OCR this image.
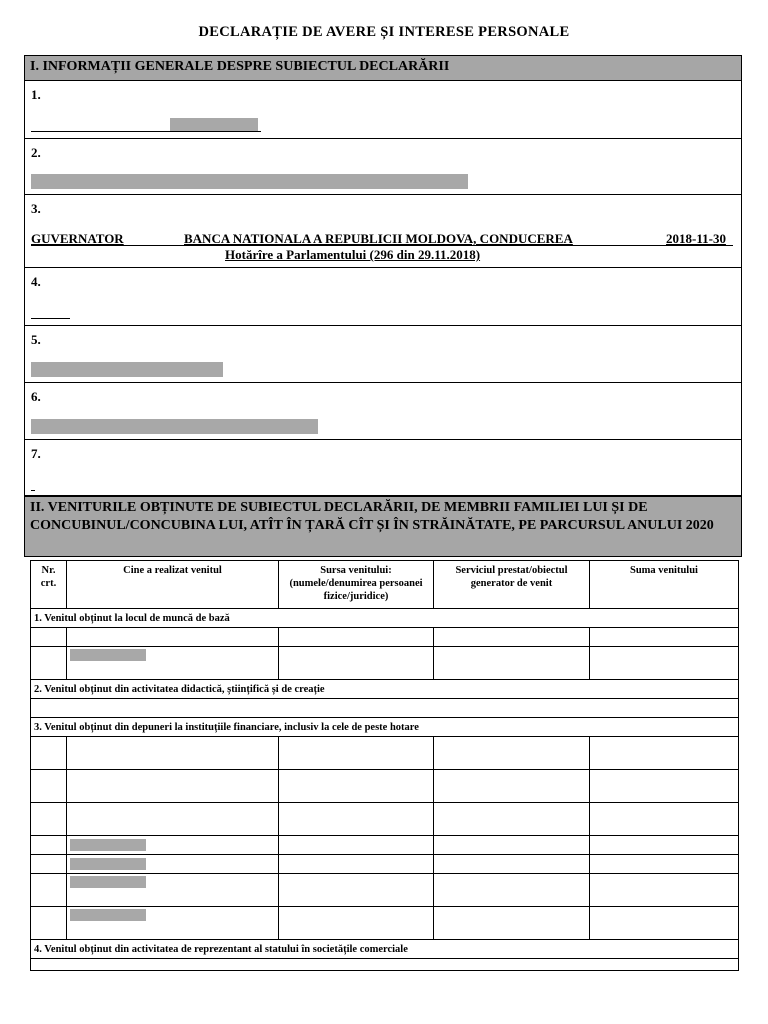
DECLARAȚIE DE AVERE ȘI INTERESE PERSONALE
I. INFORMAȚII GENERALE DESPRE SUBIECTUL DECLARĂRII
1.
2.
3.
GUVERNATOR	BANCA NATIONALA A REPUBLICII MOLDOVA, CONDUCEREA	2018-11-30
Hotărîre a Parlamentului (296 din 29.11.2018)
4.
5.
6.
7.
II. VENITURILE OBȚINUTE DE SUBIECTUL DECLARĂRII, DE MEMBRII FAMILIEI LUI ȘI DE CONCUBINUL/CONCUBINA LUI, ATÎT ÎN ȚARĂ CÎT ȘI ÎN STRĂINĂTATE, PE PARCURSUL ANULUI 2020
Nr. crt.	Cine a realizat venitul	Sursa venitului: (numele/denumirea persoanei fizice/juridice)	Serviciul prestat/obiectul generator de venit	Suma venitului
1. Venitul obținut la locul de muncă de bază				

2. Venitul obținut din activitatea didactică, științifică și de creație				

3. Venitul obținut din depuneri la instituțiile financiare, inclusiv la cele de peste hotare				

4. Venitul obținut din activitatea de reprezentant al statului în societățile comerciale				
